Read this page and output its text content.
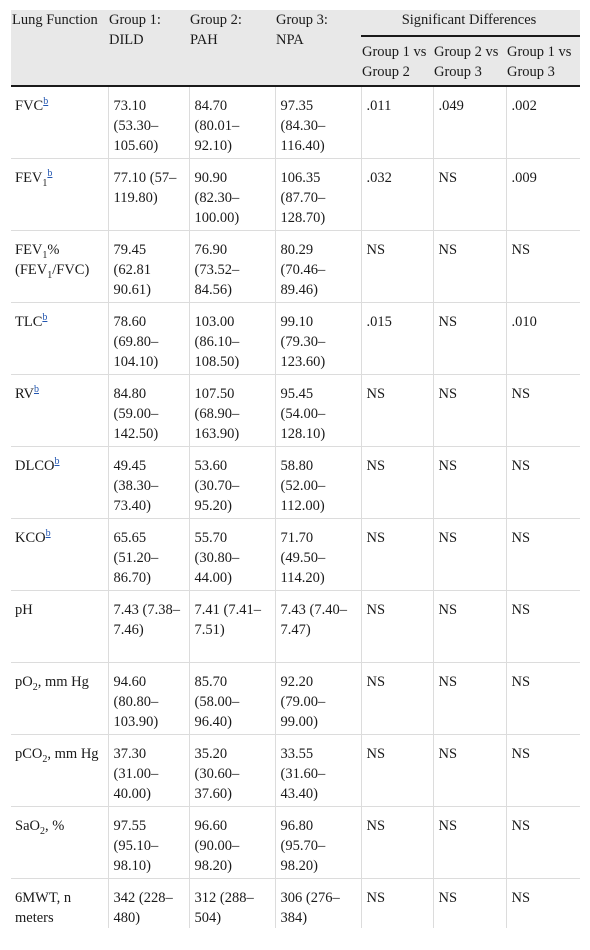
Lung Function	Group 1: DILD	Group 2: PAH	Group 3: NPA	Significant Differences		
				Group 1 vs Group 2	Group 2 vs Group 3	Group 1 vs Group 3
FVC$^b$	73.10 (53.30–105.60)	84.70 (80.01–92.10)	97.35 (84.30–116.40)	.011	.049	.002
$FEV_1^b$	77.10 (57–119.80)	90.90 (82.30–100.00)	106.35 (87.70–128.70)	.032	NS	.009
$FEV_1\%$ $(FEV_1/FVC)$	79.45 (62.81 90.61)	76.90 (73.52–84.56)	80.29 (70.46–89.46)	NS	NS	NS
TLC$^b$	78.60 (69.80–104.10)	103.00 (86.10–108.50)	99.10 (79.30–123.60)	.015	NS	.010
RV$^b$	84.80 (59.00–142.50)	107.50 (68.90–163.90)	95.45 (54.00–128.10)	NS	NS	NS
DLCO$^b$	49.45 (38.30–73.40)	53.60 (30.70–95.20)	58.80 (52.00–112.00)	NS	NS	NS
KCO$^b$	65.65 (51.20–86.70)	55.70 (30.80–44.00)	71.70 (49.50–114.20)	NS	NS	NS
pH	7.43 (7.38–7.46)	7.41 (7.41–7.51)	7.43 (7.40–7.47)	NS	NS	NS
$pO_2$, mm Hg	94.60 (80.80–103.90)	85.70 (58.00–96.40)	92.20 (79.00–99.00)	NS	NS	NS
pCO$_2$, mm Hg	37.30 (31.00–40.00)	35.20 (30.60–37.60)	33.55 (31.60–43.40)	NS	NS	NS
SaO$_2$, %	97.55 (95.10–98.10)	96.60 (90.00–98.20)	96.80 (95.70–98.20)	NS	NS	NS
6MWT, n meters	342 (228–480)	312 (288–504)	306 (276–384)	NS	NS	NS
